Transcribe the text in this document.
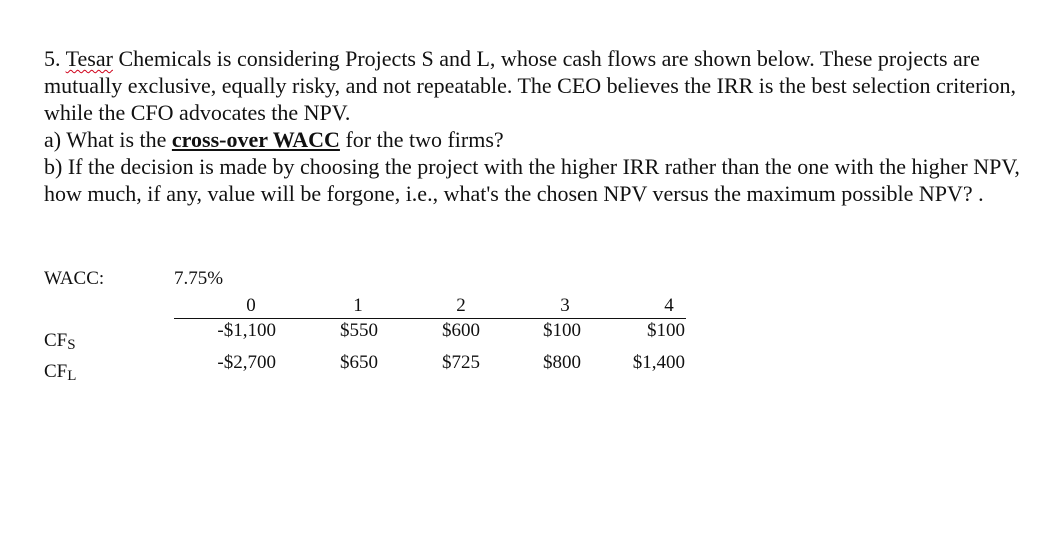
5. Tesar Chemicals is considering Projects S and L, whose cash flows are shown below. These projects are mutually exclusive, equally risky, and not repeatable. The CEO believes the IRR is the best selection criterion, while the CFO advocates the NPV.

a) What is the cross-over WACC for the two firms?

b) If the decision is made by choosing the project with the higher IRR rather than the one with the higher NPV, how much, if any, value will be forgone, i.e., what's the chosen NPV versus the maximum possible NPV? .

WACC:	7.75%
0	1	2	3	4
CFS
-$1,100	$550	$600	$100	$100
CFL
-$2,700	$650	$725	$800	$1,400
